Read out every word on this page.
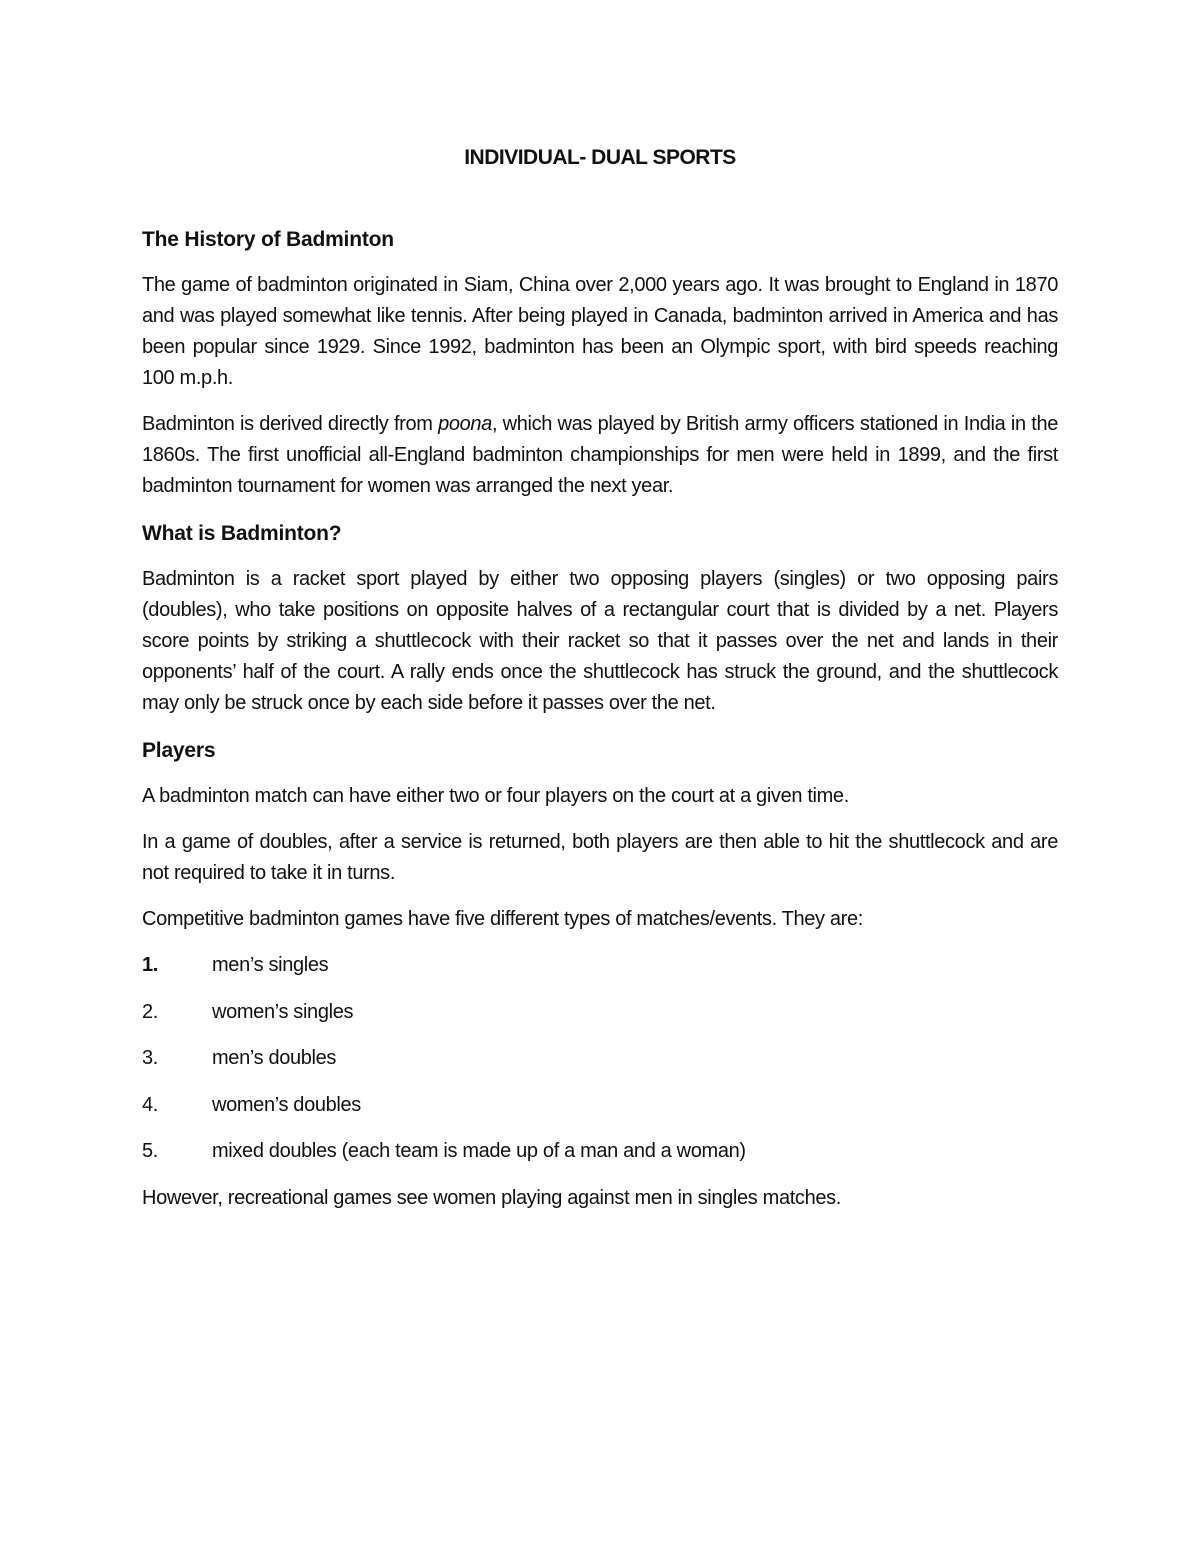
INDIVIDUAL- DUAL SPORTS
The History of Badminton

The game of badminton originated in Siam, China over 2,000 years ago. It was brought to England in 1870 and was played somewhat like tennis. After being played in Canada, badminton arrived in America and has been popular since 1929. Since 1992, badminton has been an Olympic sport, with bird speeds reaching 100 m.p.h.

Badminton is derived directly from poona, which was played by British army officers stationed in India in the 1860s. The first unofficial all-England badminton championships for men were held in 1899, and the first badminton tournament for women was arranged the next year.

What is Badminton?

Badminton is a racket sport played by either two opposing players (singles) or two opposing pairs (doubles), who take positions on opposite halves of a rectangular court that is divided by a net. Players score points by striking a shuttlecock with their racket so that it passes over the net and lands in their opponents’ half of the court. A rally ends once the shuttlecock has struck the ground, and the shuttlecock may only be struck once by each side before it passes over the net.

Players

A badminton match can have either two or four players on the court at a given time.

In a game of doubles, after a service is returned, both players are then able to hit the shuttlecock and are not required to take it in turns.

Competitive badminton games have five different types of matches/events. They are:

1.	men’s singles
2.	women’s singles
3.	men’s doubles
4.	women’s doubles
5.	mixed doubles (each team is made up of a man and a woman)

However, recreational games see women playing against men in singles matches.
